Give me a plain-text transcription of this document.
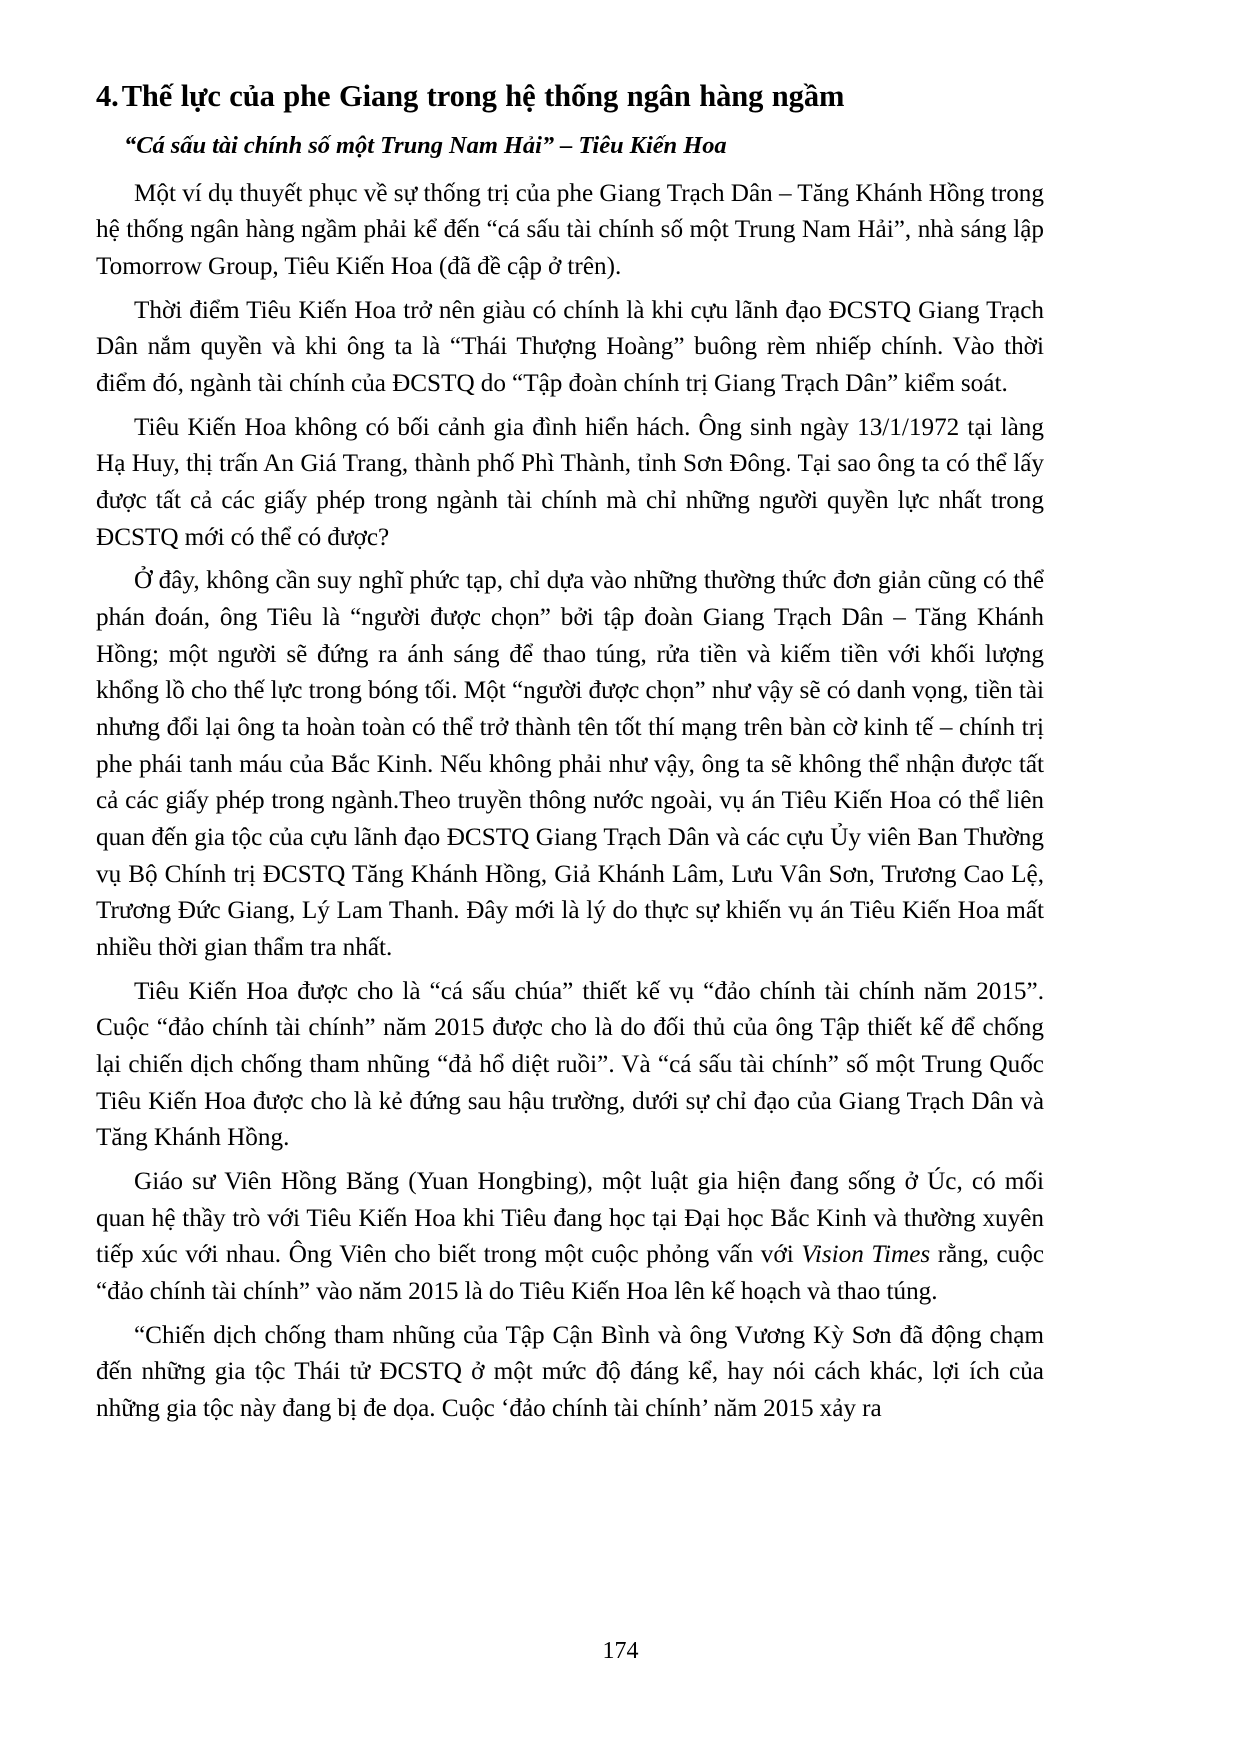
4.Thế lực của phe Giang trong hệ thống ngân hàng ngầm

“Cá sấu tài chính số một Trung Nam Hải” – Tiêu Kiến Hoa

Một ví dụ thuyết phục về sự thống trị của phe Giang Trạch Dân – Tăng Khánh Hồng trong hệ thống ngân hàng ngầm phải kể đến “cá sấu tài chính số một Trung Nam Hải”, nhà sáng lập Tomorrow Group, Tiêu Kiến Hoa (đã đề cập ở trên).

Thời điểm Tiêu Kiến Hoa trở nên giàu có chính là khi cựu lãnh đạo ĐCSTQ Giang Trạch Dân nắm quyền và khi ông ta là “Thái Thượng Hoàng” buông rèm nhiếp chính. Vào thời điểm đó, ngành tài chính của ĐCSTQ do “Tập đoàn chính trị Giang Trạch Dân” kiểm soát.

Tiêu Kiến Hoa không có bối cảnh gia đình hiển hách. Ông sinh ngày 13/1/1972 tại làng Hạ Huy, thị trấn An Giá Trang, thành phố Phì Thành, tỉnh Sơn Đông. Tại sao ông ta có thể lấy được tất cả các giấy phép trong ngành tài chính mà chỉ những người quyền lực nhất trong ĐCSTQ mới có thể có được?

Ở đây, không cần suy nghĩ phức tạp, chỉ dựa vào những thường thức đơn giản cũng có thể phán đoán, ông Tiêu là “người được chọn” bởi tập đoàn Giang Trạch Dân – Tăng Khánh Hồng; một người sẽ đứng ra ánh sáng để thao túng, rửa tiền và kiếm tiền với khối lượng khổng lồ cho thế lực trong bóng tối. Một “người được chọn” như vậy sẽ có danh vọng, tiền tài nhưng đổi lại ông ta hoàn toàn có thể trở thành tên tốt thí mạng trên bàn cờ kinh tế – chính trị phe phái tanh máu của Bắc Kinh. Nếu không phải như vậy, ông ta sẽ không thể nhận được tất cả các giấy phép trong ngành.Theo truyền thông nước ngoài, vụ án Tiêu Kiến Hoa có thể liên quan đến gia tộc của cựu lãnh đạo ĐCSTQ Giang Trạch Dân và các cựu Ủy viên Ban Thường vụ Bộ Chính trị ĐCSTQ Tăng Khánh Hồng, Giả Khánh Lâm, Lưu Vân Sơn, Trương Cao Lệ, Trương Đức Giang, Lý Lam Thanh. Đây mới là lý do thực sự khiến vụ án Tiêu Kiến Hoa mất nhiều thời gian thẩm tra nhất.

Tiêu Kiến Hoa được cho là “cá sấu chúa” thiết kế vụ “đảo chính tài chính năm 2015”. Cuộc “đảo chính tài chính” năm 2015 được cho là do đối thủ của ông Tập thiết kế để chống lại chiến dịch chống tham nhũng “đả hổ diệt ruồi”. Và “cá sấu tài chính” số một Trung Quốc Tiêu Kiến Hoa được cho là kẻ đứng sau hậu trường, dưới sự chỉ đạo của Giang Trạch Dân và Tăng Khánh Hồng.

Giáo sư Viên Hồng Băng (Yuan Hongbing), một luật gia hiện đang sống ở Úc, có mối quan hệ thầy trò với Tiêu Kiến Hoa khi Tiêu đang học tại Đại học Bắc Kinh và thường xuyên tiếp xúc với nhau. Ông Viên cho biết trong một cuộc phỏng vấn với Vision Times rằng, cuộc “đảo chính tài chính” vào năm 2015 là do Tiêu Kiến Hoa lên kế hoạch và thao túng.

“Chiến dịch chống tham nhũng của Tập Cận Bình và ông Vương Kỳ Sơn đã động chạm đến những gia tộc Thái tử ĐCSTQ ở một mức độ đáng kể, hay nói cách khác, lợi ích của những gia tộc này đang bị đe dọa. Cuộc ‘đảo chính tài chính’ năm 2015 xảy ra

174
